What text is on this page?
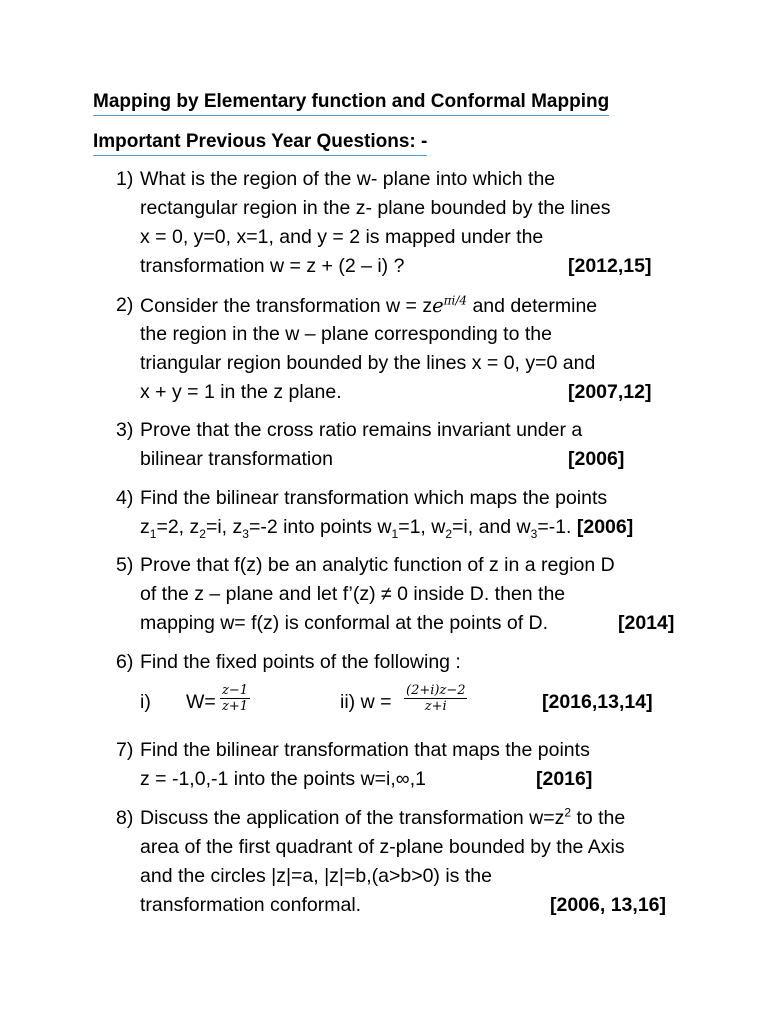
Mapping by Elementary function and Conformal Mapping
Important Previous Year Questions: -
1) What is the region of the w- plane into which the
rectangular region in the z- plane bounded by the lines
x = 0, y=0, x=1, and y = 2 is mapped under the
transformation w = z + (2 – i) ?	[2012,15]
2) Consider the transformation $w = ze^{\pi i/4}$ and determine
the region in the w – plane corresponding to the
triangular region bounded by the lines x = 0, y=0 and
x + y = 1 in the z plane.	[2007,12]
3) Prove that the cross ratio remains invariant under a
bilinear transformation	[2006]
4) Find the bilinear transformation which maps the points
$z_1=2$, $z_2=i$, $z_3=-2$ into points $w_1=1$, $w_2=i$, and $w_3=-1$. [2006]
5) Prove that f(z) be an analytic function of z in a region D
of the z – plane and let f’(z) ≠ 0 inside D. then the
mapping w= f(z) is conformal at the points of D.	[2014]
6) Find the fixed points of the following :
i) $W= \frac{z-1}{z+1}$	ii) $w = \frac{(2+i)z-2}{z+i}$	[2016,13,14]
7) Find the bilinear transformation that maps the points
z = -1,0,-1 into the points w=i,∞,1	[2016]
8) Discuss the application of the transformation $w=z^2$ to the
area of the first quadrant of z-plane bounded by the Axis
and the circles |z|=a, |z|=b,(a>b>0) is the
transformation conformal.	[2006, 13,16]
